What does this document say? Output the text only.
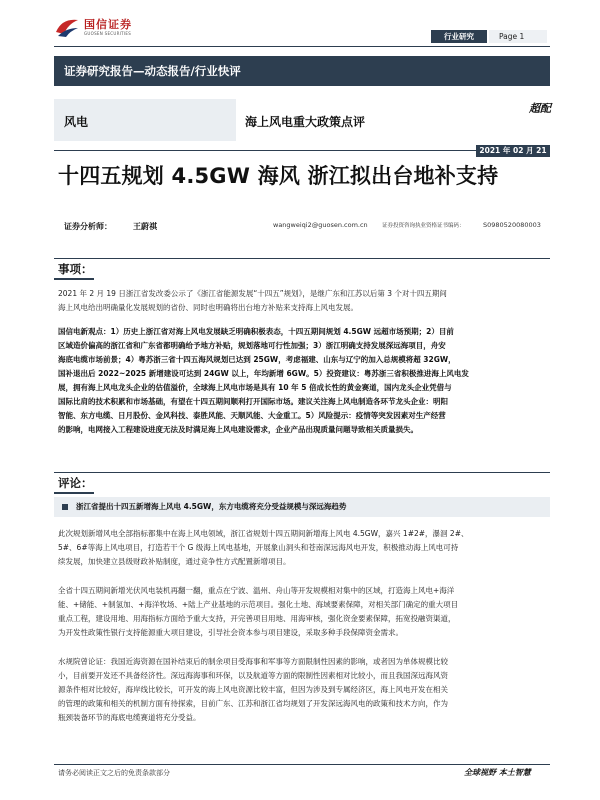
国信证券
GUOSEN SECURITIES	行业研究	Page 1
证券研究报告—动态报告/行业快评
风电	海上风电重大政策点评
超配
2021 年 02 月 21 日
十四五规划 4.5GW 海风 浙江拟出台地补支持
证券分析师：	王蔚祺	wangweiqi2@guosen.com.cn	证券投资咨询执业资格证书编码：	S0980520080003
事项：
2021 年 2 月 19 日浙江省发改委公示了《浙江省能源发展“十四五”规划》，是继广东和江苏以后第 3 个对十四五期间
海上风电给出明确量化发展规划的省份、同时也明确将出台地方补贴来支持海上风电发展。
国信电新观点：1）历史上浙江省对海上风电发展缺乏明确积极表态，十四五期间规划 4.5GW 远超市场预期；2）目前
区域造价偏高的浙江省和广东省都明确给予地方补贴，规划落地可行性加强；3）浙江明确支持发展深远海项目，舟安
海底电缆市场前景；4）粤苏浙三省十四五海风规划已达到 25GW，考虑福建、山东与辽宁的加入总规模将超 32GW，
国补退出后 2022~2025 新增建设可达到 24GW 以上，年均新增 6GW。5）投资建议：粤苏浙三省积极推进海上风电发
展，拥有海上风电龙头企业的估值溢价，全球海上风电市场是具有 10 年 5 倍成长性的黄金赛道，国内龙头企业凭借与
国际比肩的技术积累和市场基础，有望在十四五期间顺利打开国际市场。建议关注海上风电制造各环节龙头企业：明阳
智能、东方电缆、日月股份、金风科技、泰胜风能、天顺风能、大金重工。5）风险提示：疫情等突发因素对生产经营
的影响，电网接入工程建设进度无法及时满足海上风电建设需求，企业产品出现质量问题导致相关质量损失。
评论：
浙江省提出十四五新增海上风电 4.5GW，东方电缆将充分受益规模与深远海趋势
此次规划新增风电全部指标都集中在海上风电领域，浙江省规划十四五期间新增海上风电 4.5GW，嘉兴 1#2#，瀑洄 2#、
5#、6#等海上风电项目，打造若干个 G 级海上风电基地，开展象山洞头和苍南深远海风电开发，积极推动海上风电可持
续发展，加快建立县级财政补贴制度，通过竞争性方式配置新增项目。
全省十四五期间新增光伏风电装机再翻一翻，重点在宁波、温州、舟山等开发规模相对集中的区域，打造海上风电+海洋
能、+储能、+制氢加、+海洋牧场、+陆上产业基地的示范项目。强化土地、海域要素保障，对相关部门确定的重大项目
重点工程，建设用地、用海指标方面给予重大支持，开完善项目用地、用海审核，强化资金要素保障，拓宽投融资渠道，
为开发性政策性银行支持能源重大项目建设，引导社会资本参与项目建设，采取多种手段保障资金需求。
水规院曾论证：我国近海资源在国补结束后的制余项目受海事和军事等方面限制性因素的影响，或者因为单体规模比较
小，目前要开发还不具备经济性。深远海海事和环保，以及航道等方面的限制性因素相对比较小，而且我国深远海风资
源条件相对比较好，海岸线比较长，可开发的海上风电资源比较丰富，但因为涉及到专属经济区，海上风电开发在相关
的管理的政策和相关的机制方面有待探索，目前广东、江苏和浙江省均规划了开发深远海风电的政策和技术方向，作为
瓶颈装备环节的海底电缆赛道将充分受益。
请务必阅读正文之后的免责条款部分	全球视野 本土智慧
